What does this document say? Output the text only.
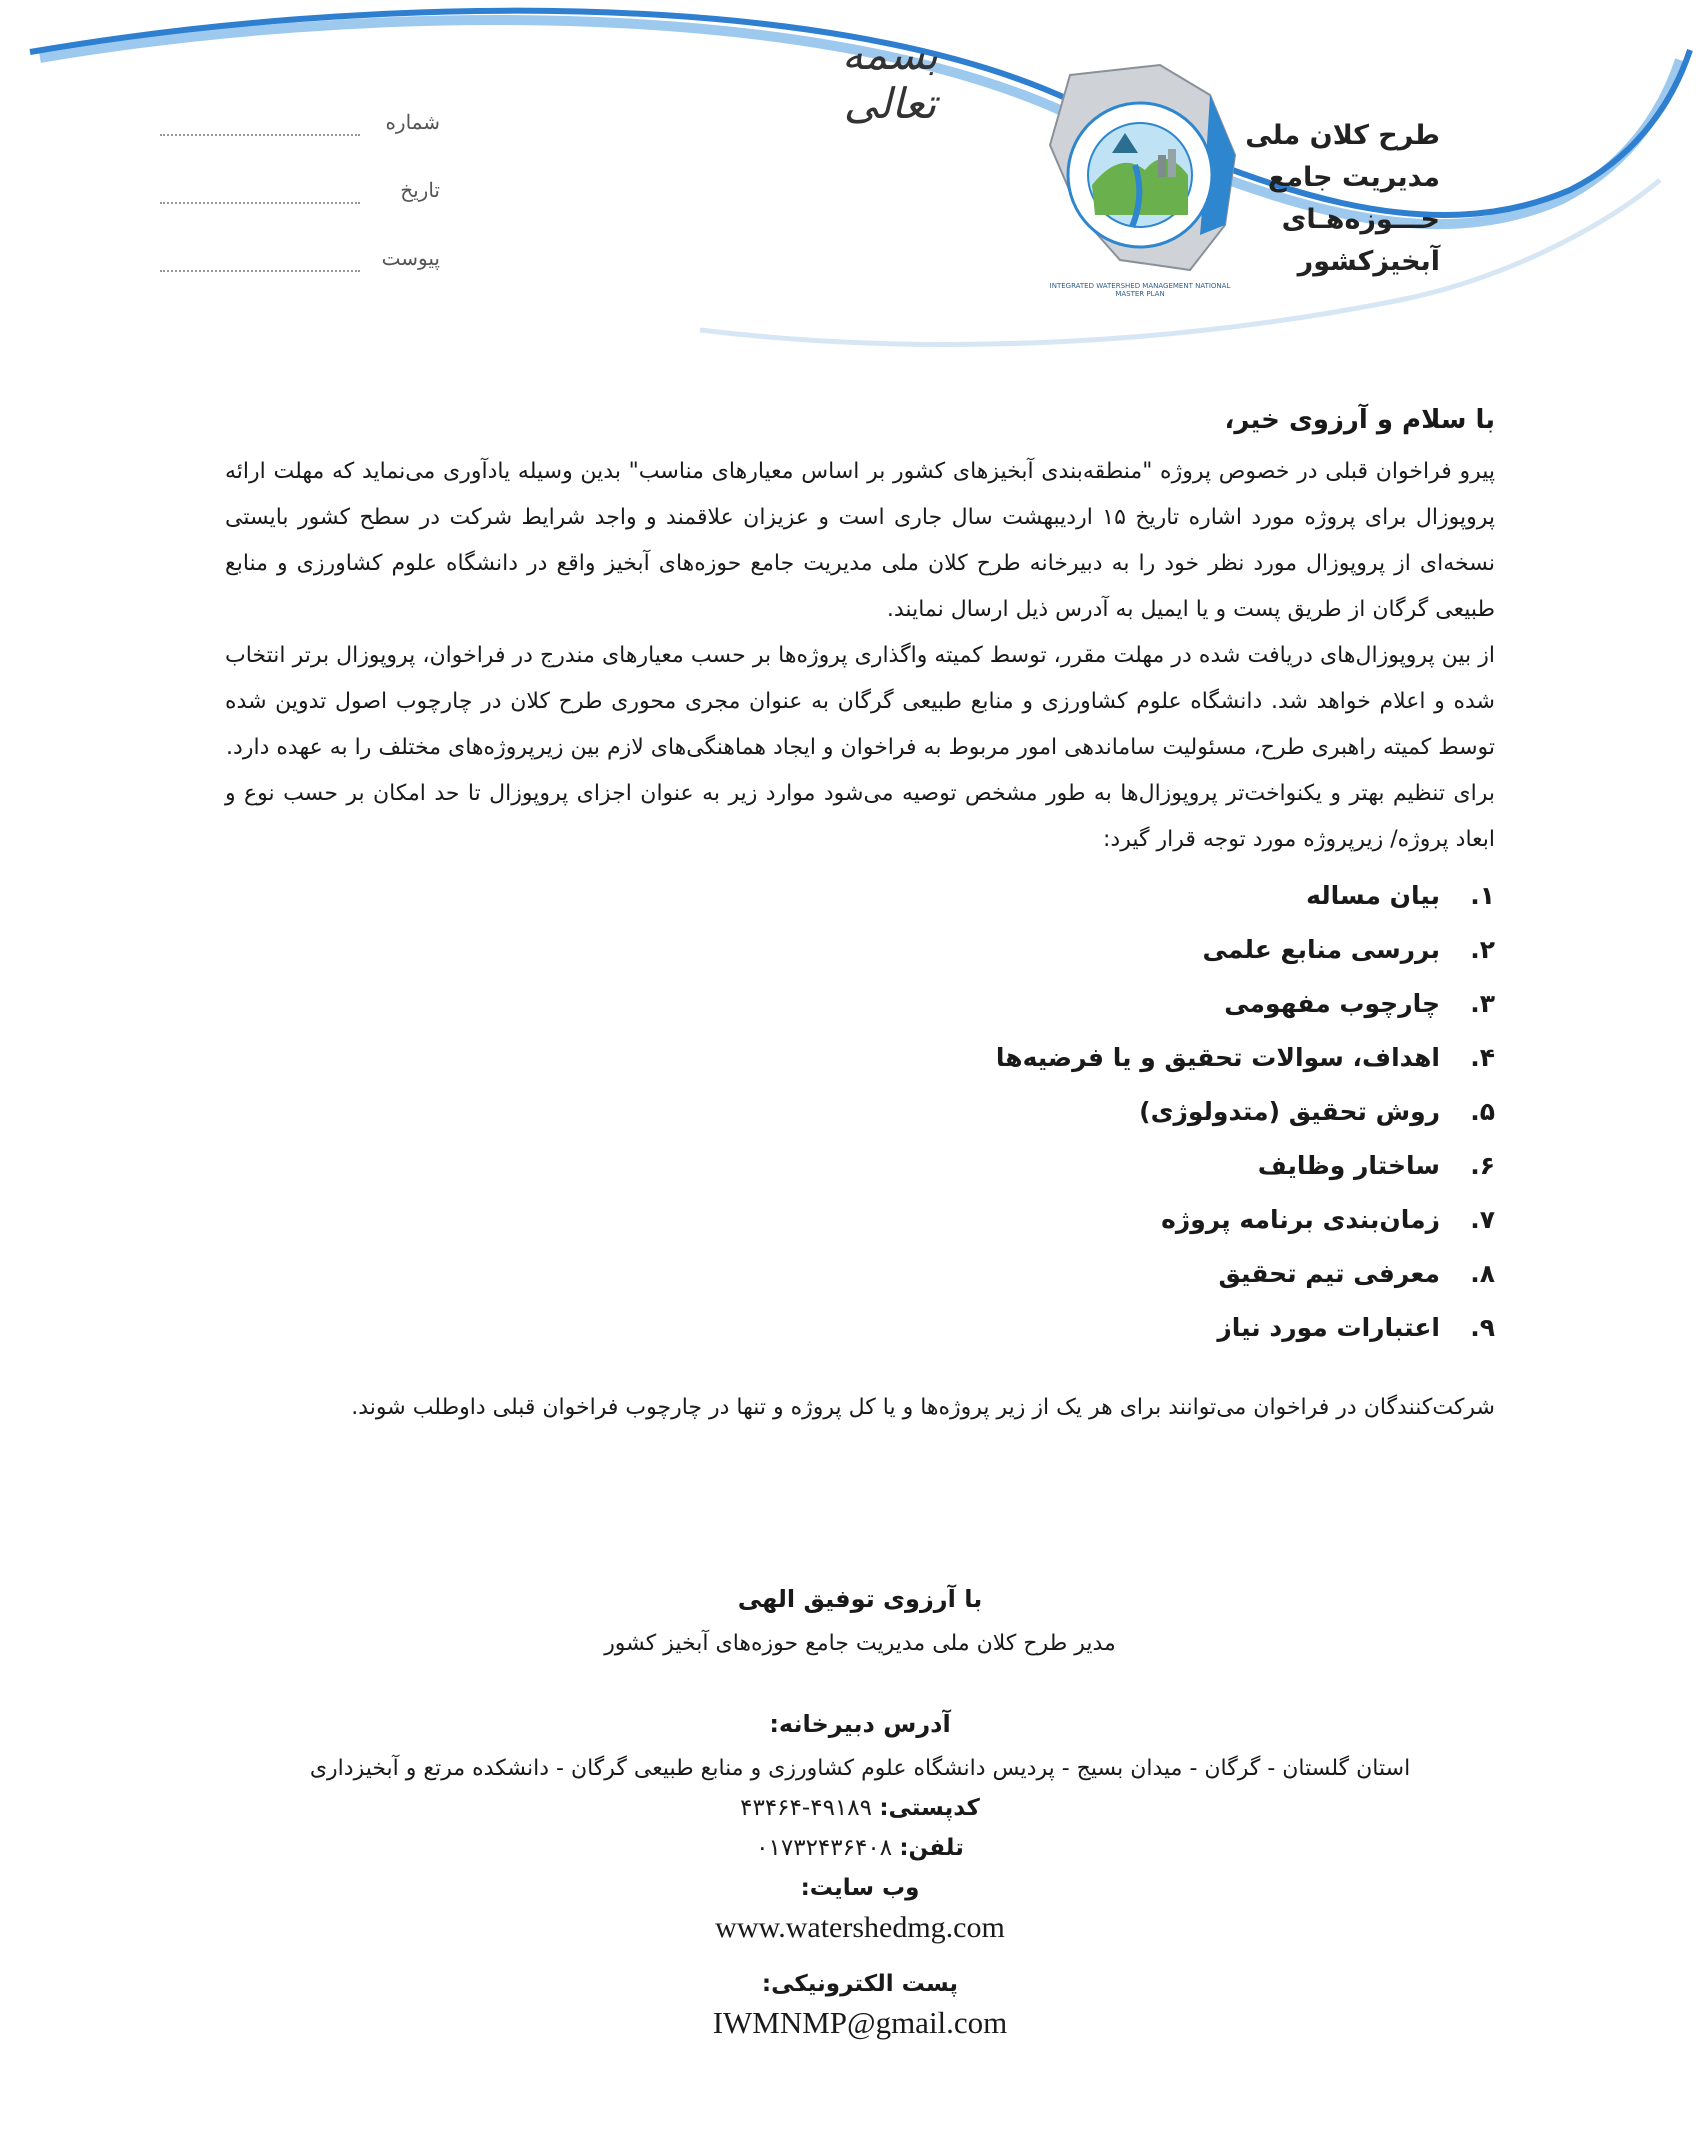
بسمه تعالی
شماره
تاریخ
پیوست
INTEGRATED WATERSHED MANAGEMENT NATIONAL MASTER PLAN
طرح کلان ملی
مدیریت جامع
حـــوزه‌هـای
آبخیزکشور

با سلام و آرزوی خیر،

پیرو فراخوان قبلی در خصوص پروژه "منطقه‌بندی آبخیزهای کشور بر اساس معیارهای مناسب" بدین وسیله یادآوری می‌نماید که مهلت ارائه پروپوزال برای پروژه مورد اشاره تاریخ ۱۵ اردیبهشت سال جاری است و عزیزان علاقمند و واجد شرایط شرکت در سطح کشور بایستی نسخه‌ای از پروپوزال مورد نظر خود را به دبیرخانه طرح کلان ملی مدیریت جامع حوزه‌های آبخیز واقع در دانشگاه علوم کشاورزی و منابع طبیعی گرگان از طریق پست و یا ایمیل به آدرس ذیل ارسال نمایند.

از بین پروپوزال‌های دریافت شده در مهلت مقرر، توسط کمیته واگذاری پروژه‌ها بر حسب معیارهای مندرج در فراخوان، پروپوزال برتر انتخاب شده و اعلام خواهد شد. دانشگاه علوم کشاورزی و منابع طبیعی گرگان به عنوان مجری محوری طرح کلان در چارچوب اصول تدوین شده توسط کمیته راهبری طرح، مسئولیت ساماندهی امور مربوط به فراخوان و ایجاد هماهنگی‌های لازم بین زیرپروژه‌های مختلف را به عهده دارد.

برای تنظیم بهتر و یکنواخت‌تر پروپوزال‌ها به طور مشخص توصیه می‌شود موارد زیر به عنوان اجزای پروپوزال تا حد امکان بر حسب نوع و ابعاد پروژه/ زیرپروژه مورد توجه قرار گیرد:

۱.
بیان مساله
۲.
بررسی منابع علمی
۳.
چارچوب مفهومی
۴.
اهداف، سوالات تحقیق و یا فرضیه‌ها
۵.
روش تحقیق (متدولوژی)
۶.
ساختار وظایف
۷.
زمان‌بندی برنامه پروژه
۸.
معرفی تیم تحقیق
۹.
اعتبارات مورد نیاز

شرکت‌کنندگان در فراخوان می‌توانند برای هر یک از زیر پروژه‌ها و یا کل پروژه و تنها در چارچوب فراخوان قبلی داوطلب شوند.

با آرزوی توفیق الهی

مدیر طرح کلان ملی مدیریت جامع حوزه‌های آبخیز کشور

آدرس دبیرخانه:
استان گلستان - گرگان - میدان بسیج - پردیس دانشگاه علوم کشاورزی و منابع طبیعی گرگان - دانشکده مرتع و آبخیزداری
کدپستی: ۴۹۱۸۹-۴۳۴۶۴
تلفن: ۰۱۷۳۲۴۳۶۴۰۸
وب سایت:
www.watershedmg.com
پست الکترونیکی:
IWMNMP@gmail.com
